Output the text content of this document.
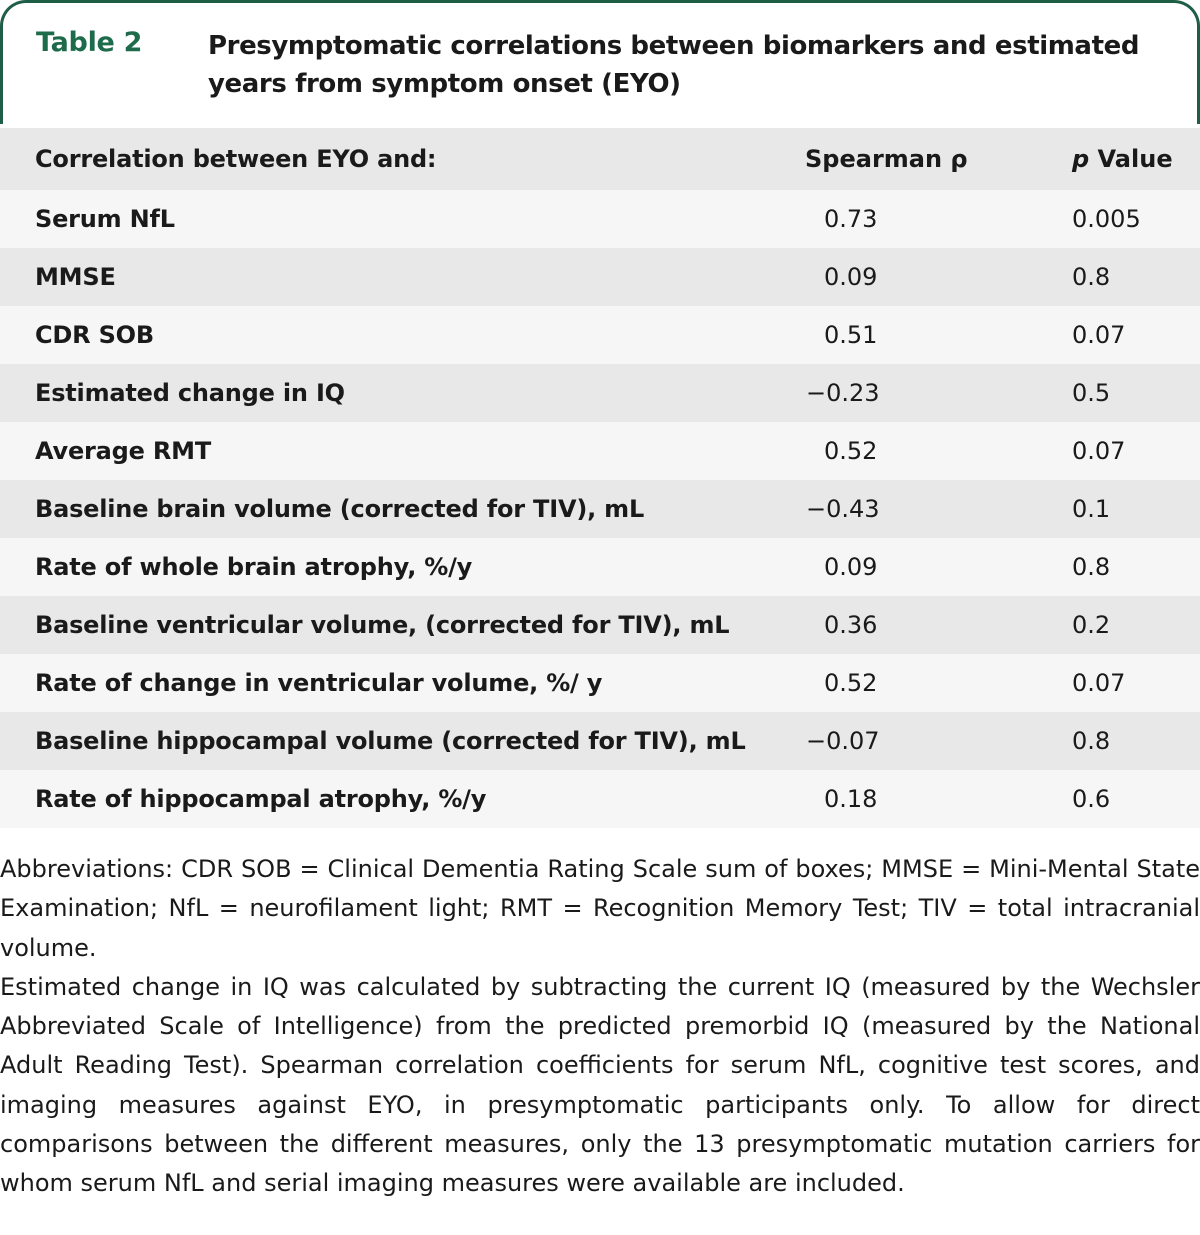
Table 2	Presymptomatic correlations between biomarkers and estimated years from symptom onset (EYO)
Correlation between EYO and:	Spearman ρ	p Value
Serum NfL	0.73	0.005
MMSE	0.09	0.8
CDR SOB	0.51	0.07
Estimated change in IQ	−0.23	0.5
Average RMT	0.52	0.07
Baseline brain volume (corrected for TIV), mL	−0.43	0.1
Rate of whole brain atrophy, %/y	0.09	0.8
Baseline ventricular volume, (corrected for TIV), mL	0.36	0.2
Rate of change in ventricular volume, %/ y	0.52	0.07
Baseline hippocampal volume (corrected for TIV), mL	−0.07	0.8
Rate of hippocampal atrophy, %/y	0.18	0.6

Abbreviations: CDR SOB = Clinical Dementia Rating Scale sum of boxes; MMSE = Mini-Mental State Examination; NfL = neurofilament light; RMT = Recognition Memory Test; TIV = total intracranial volume.

Estimated change in IQ was calculated by subtracting the current IQ (measured by the Wechsler Abbreviated Scale of Intelligence) from the predicted premorbid IQ (measured by the National Adult Reading Test). Spearman correlation coefficients for serum NfL, cognitive test scores, and imaging measures against EYO, in presymptomatic participants only. To allow for direct comparisons between the different measures, only the 13 presymptomatic mutation carriers for whom serum NfL and serial imaging measures were available are included.
